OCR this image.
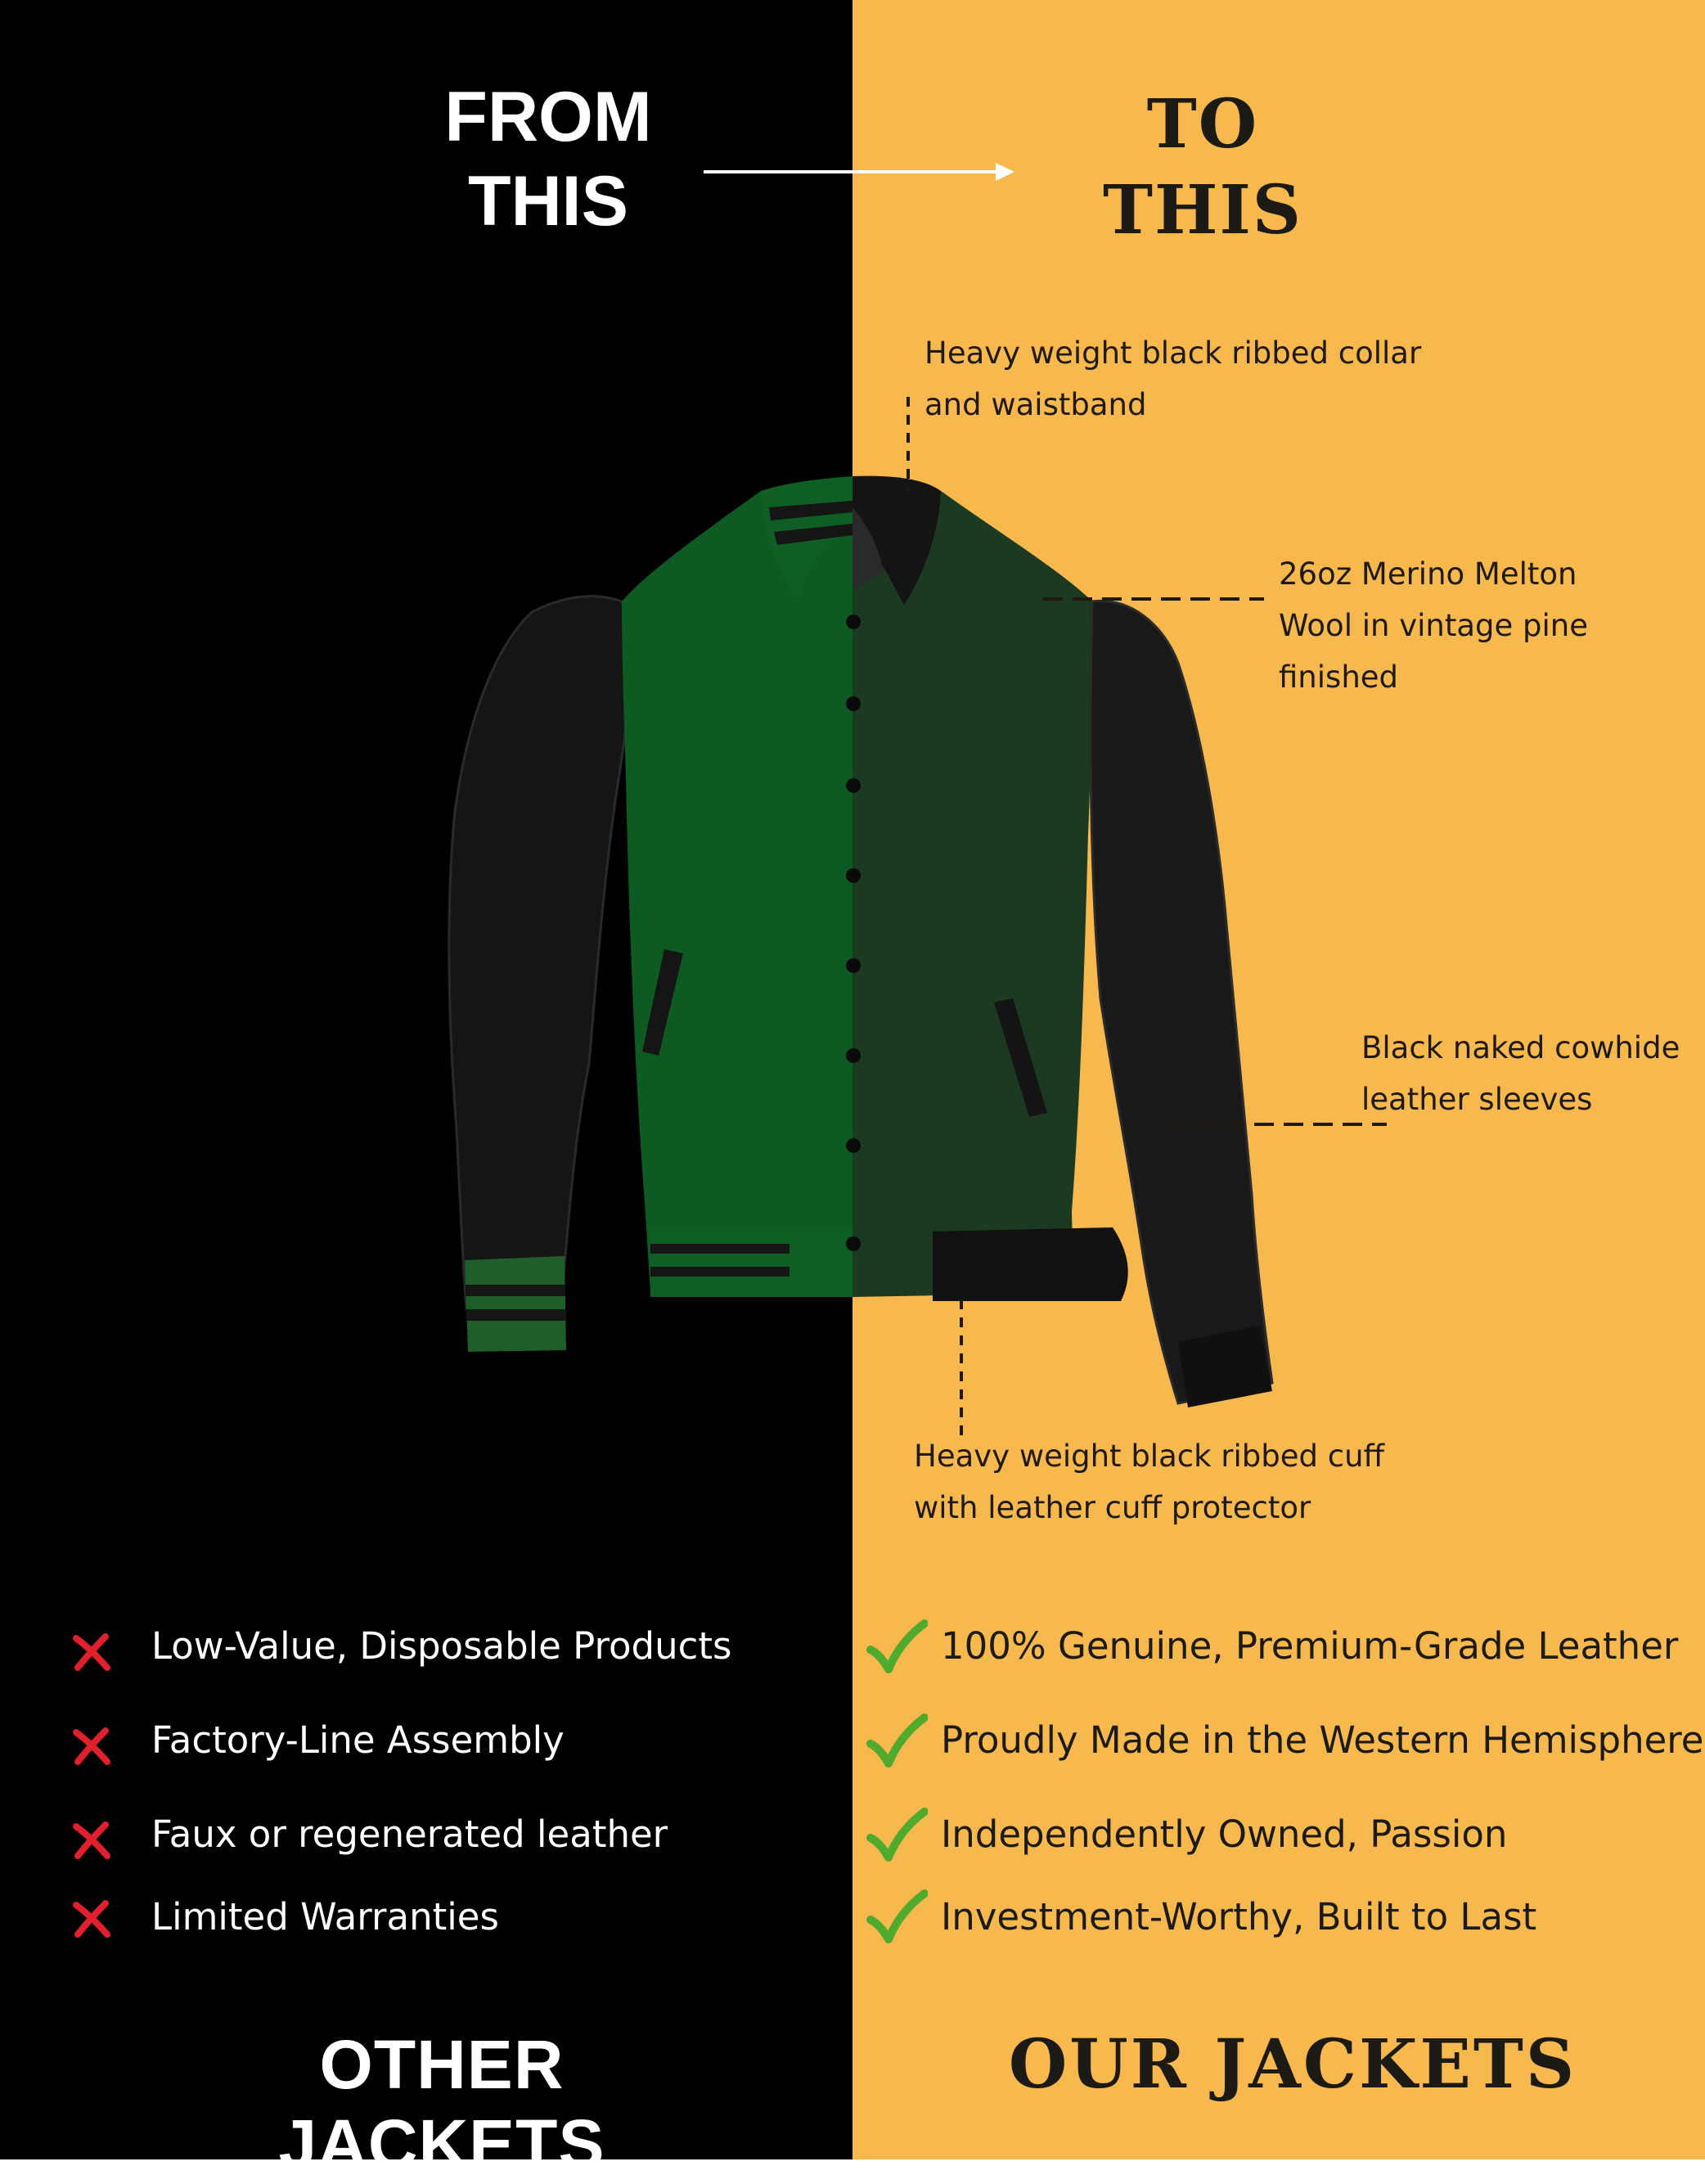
FROM
THIS
TO
THIS
Heavy weight black ribbed collar
and waistband
26oz Merino Melton
Wool in vintage pine
finished
Black naked cowhide
leather sleeves
Heavy weight black ribbed cuff
with leather cuff protector
Low-Value, Disposable Products
Factory-Line Assembly
Faux or regenerated leather
Limited Warranties
100% Genuine, Premium-Grade Leather
Proudly Made in the Western Hemisphere
Independently Owned, Passion
Investment-Worthy, Built to Last
OTHER JACKETS
OUR JACKETS
